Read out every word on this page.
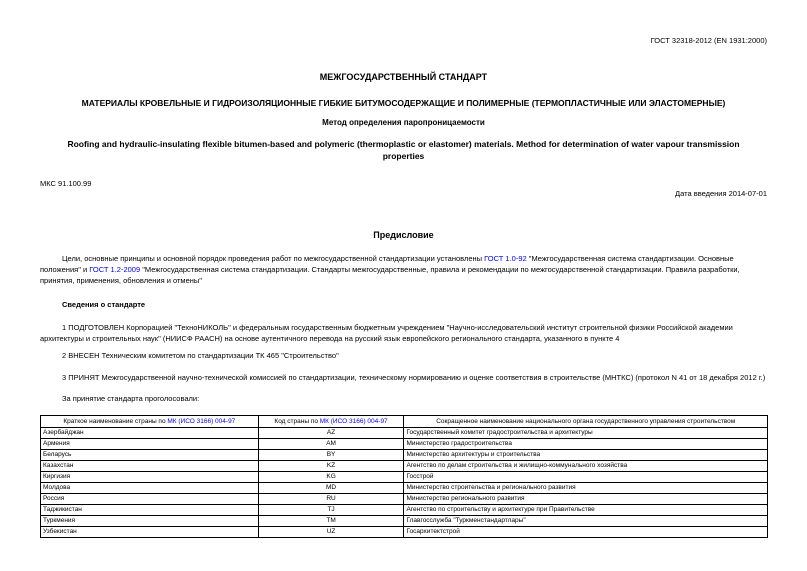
ГОСТ 32318-2012 (EN 1931:2000)
МЕЖГОСУДАРСТВЕННЫЙ СТАНДАРТ
МАТЕРИАЛЫ КРОВЕЛЬНЫЕ И ГИДРОИЗОЛЯЦИОННЫЕ ГИБКИЕ БИТУМОСОДЕРЖАЩИЕ И ПОЛИМЕРНЫЕ (ТЕРМОПЛАСТИЧНЫЕ ИЛИ ЭЛАСТОМЕРНЫЕ)
Метод определения паропроницаемости
Roofing and hydraulic-insulating flexible bitumen-based and polymeric (thermoplastic or elastomer) materials. Method for determination of water vapour transmission properties
МКС 91.100.99
Дата введения 2014-07-01
Предисловие
Цели, основные принципы и основной порядок проведения работ по межгосударственной стандартизации установлены ГОСТ 1.0-92 "Межгосударственная система стандартизации. Основные положения" и ГОСТ 1.2-2009 "Межгосударственная система стандартизации. Стандарты межгосударственные, правила и рекомендации по межгосударственной стандартизации. Правила разработки, принятия, применения, обновления и отмены"
Сведения о стандарте
1 ПОДГОТОВЛЕН Корпорацией "ТехноНИКОЛЬ" и федеральным государственным бюджетным учреждением "Научно-исследовательский институт строительной физики Российской академии архитектуры и строительных наук" (НИИСФ РААСН) на основе аутентичного перевода на русский язык европейского регионального стандарта, указанного в пункте 4
2 ВНЕСЕН Техническим комитетом по стандартизации ТК 465 "Строительство"
3 ПРИНЯТ Межгосударственной научно-технической комиссией по стандартизации, техническому нормированию и оценке соответствия в строительстве (МНТКС) (протокол N 41 от 18 декабря 2012 г.)
За принятие стандарта проголосовали:
Краткое наименование страны по МК (ИСО 3166) 004-97	Код страны по МК (ИСО 3166) 004-97	Сокращенное наименование национального органа государственного управления строительством
Азербайджан	AZ	Государственный комитет градостроительства и архитектуры
Армения	AM	Министерство градостроительства
Беларусь	BY	Министерство архитектуры и строительства
Казахстан	KZ	Агентство по делам строительства и жилищно-коммунального хозяйства
Киргизия	KG	Госстрой
Молдова	MD	Министерство строительства и регионального развития
Россия	RU	Министерство регионального развития
Таджикистан	TJ	Агентство по строительству и архитектуре при Правительстве
Туркмения	TM	Главгосслужба "Туркменстандартлары"
Узбекистан	UZ	Госархитектстрой
